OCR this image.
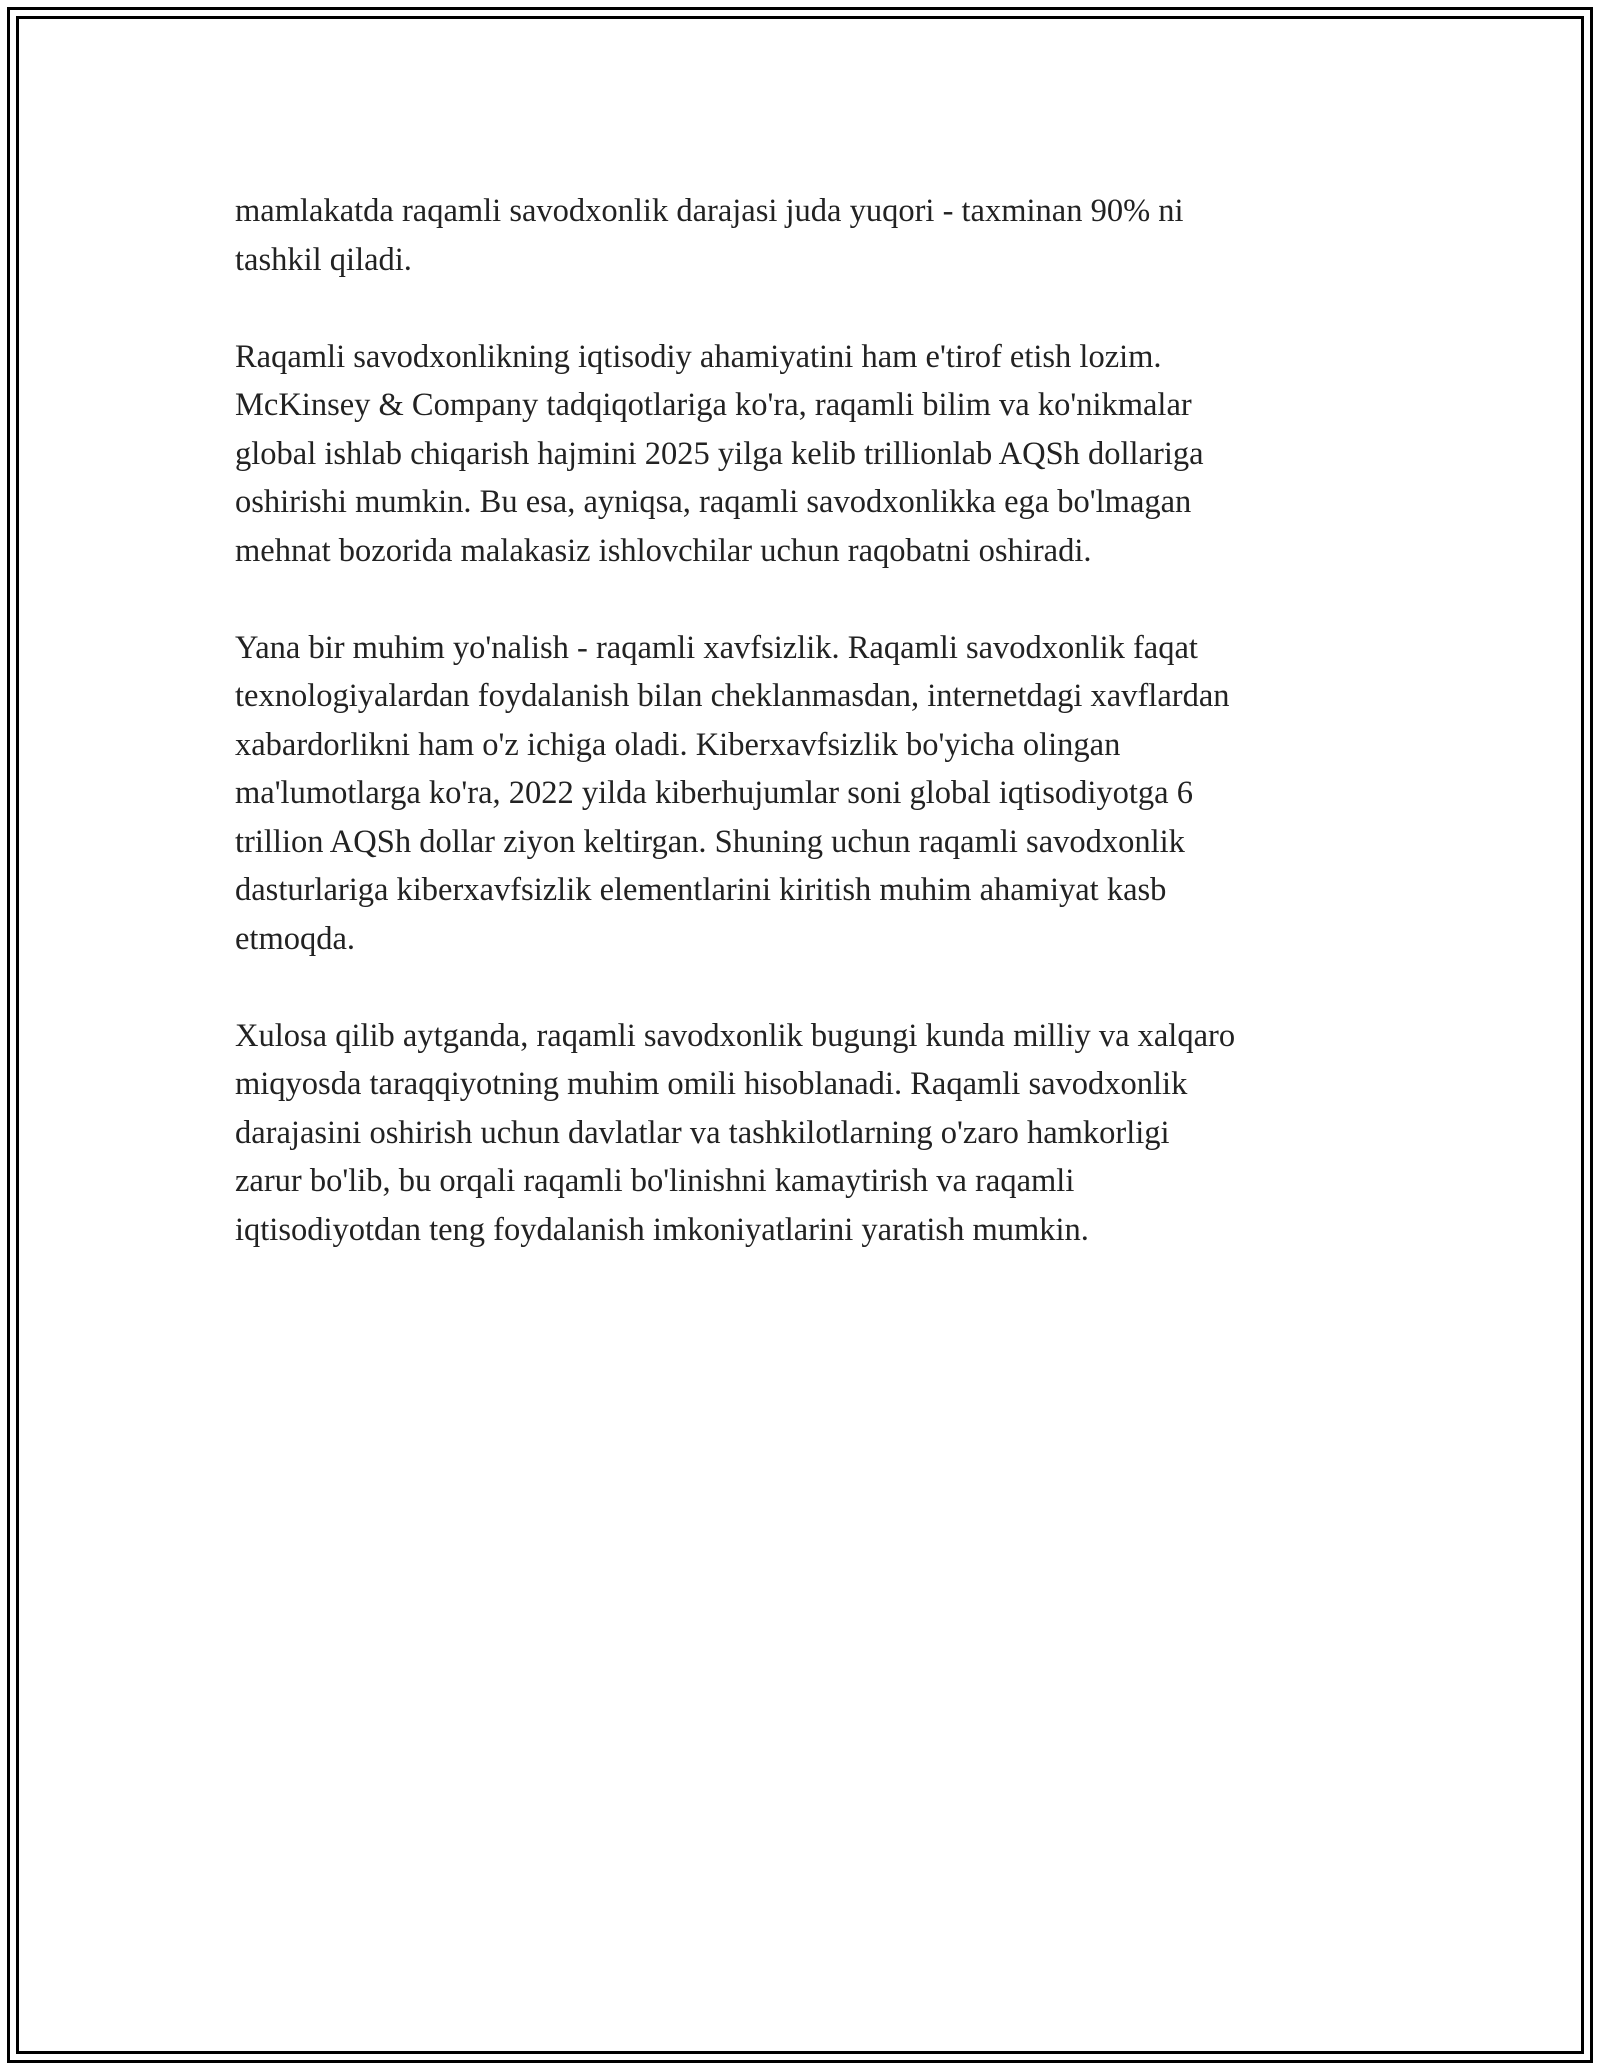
mamlakatda raqamli savodxonlik darajasi juda yuqori - taxminan 90% ni
tashkil qiladi.

Raqamli savodxonlikning iqtisodiy ahamiyatini ham e'tirof etish lozim.
McKinsey & Company tadqiqotlariga ko'ra, raqamli bilim va ko'nikmalar
global ishlab chiqarish hajmini 2025 yilga kelib trillionlab AQSh dollariga
oshirishi mumkin. Bu esa, ayniqsa, raqamli savodxonlikka ega bo'lmagan
mehnat bozorida malakasiz ishlovchilar uchun raqobatni oshiradi.

Yana bir muhim yo'nalish - raqamli xavfsizlik. Raqamli savodxonlik faqat
texnologiyalardan foydalanish bilan cheklanmasdan, internetdagi xavflardan
xabardorlikni ham o'z ichiga oladi. Kiberxavfsizlik bo'yicha olingan
ma'lumotlarga ko'ra, 2022 yilda kiberhujumlar soni global iqtisodiyotga 6
trillion AQSh dollar ziyon keltirgan. Shuning uchun raqamli savodxonlik
dasturlariga kiberxavfsizlik elementlarini kiritish muhim ahamiyat kasb
etmoqda.

Xulosa qilib aytganda, raqamli savodxonlik bugungi kunda milliy va xalqaro
miqyosda taraqqiyotning muhim omili hisoblanadi. Raqamli savodxonlik
darajasini oshirish uchun davlatlar va tashkilotlarning o'zaro hamkorligi
zarur bo'lib, bu orqali raqamli bo'linishni kamaytirish va raqamli
iqtisodiyotdan teng foydalanish imkoniyatlarini yaratish mumkin.
